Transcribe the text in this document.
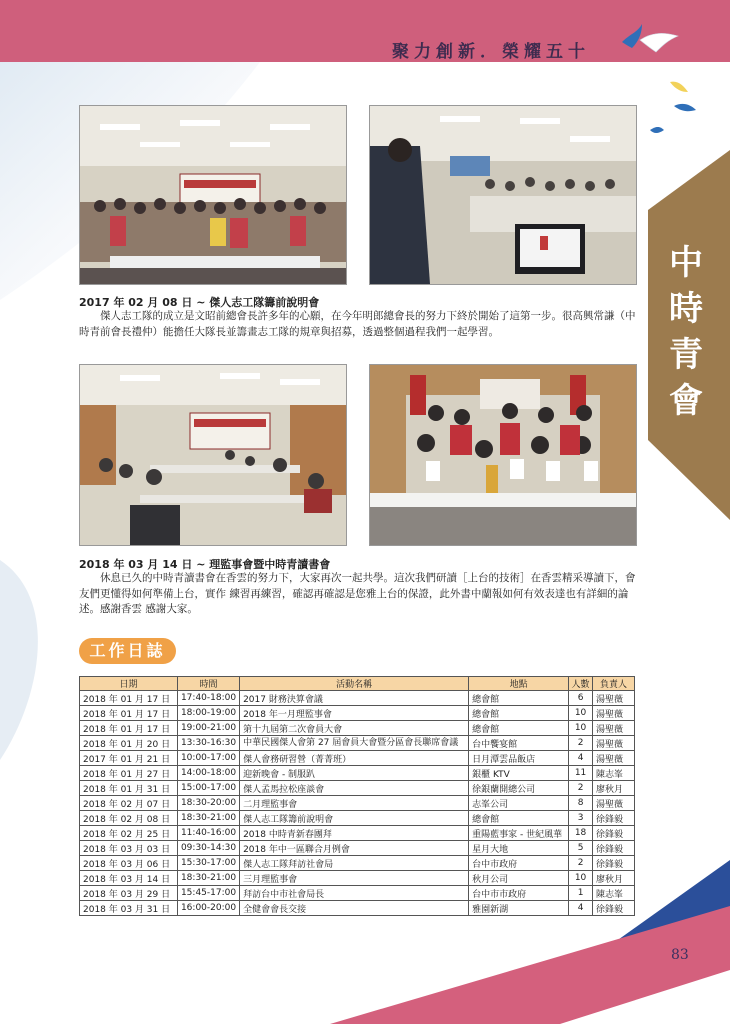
聚力創新．榮耀五十
中時青會
2017 年 02 月 08 日 ~ 傑人志工隊籌前說明會
傑人志工隊的成立是文昭前總會長許多年的心願，在今年明郎總會長的努力下終於開始了這第一步。很高興常謙（中時青前會長禮仲）能擔任大隊長並籌畫志工隊的規章與招募，透過整個過程我們一起學習。
2018 年 03 月 14 日 ~ 理監事會暨中時青讀書會
休息已久的中時青讀書會在香雲的努力下，大家再次一起共學。這次我們研讀［上台的技術］在香雲精采導讀下，會友們更懂得如何準備上台，實作 練習再練習，確認再確認是您雅上台的保證，此外書中蘭報如何有效表達也有詳細的論述。感謝香雲 感謝大家。
工作日誌
日期	時間	活動名稱	地點	人數	負責人
2018 年 01 月 17 日	17:40-18:00	2017 財務決算會議	總會館	6	湯聖薇
2018 年 01 月 17 日	18:00-19:00	2018 年一月理監事會	總會館	10	湯聖薇
2018 年 01 月 17 日	19:00-21:00	第十九屆第二次會員大會	總會館	10	湯聖薇
2018 年 01 月 20 日	13:30-16:30	中華民國傑人會第 27 屆會員大會暨分區會長聯席會議	台中饗宴館	2	湯聖薇
2017 年 01 月 21 日	10:00-17:00	傑人會務研習營（菁菁班）	日月潭雲品飯店	4	湯聖薇
2018 年 01 月 27 日	14:00-18:00	迎新晚會 - 制服趴	銀櫃 KTV	11	陳志峯
2018 年 01 月 31 日	15:00-17:00	傑人孟馬拉松座談會	徐銀蘭開總公司	2	廖秋月
2018 年 02 月 07 日	18:30-20:00	二月理監事會	志峯公司	8	湯聖薇
2018 年 02 月 08 日	18:30-21:00	傑人志工隊籌前說明會	總會館	3	徐鋒毅
2018 年 02 月 25 日	11:40-16:00	2018 中時青新春團拜	重陽藍事家 - 世紀風華	18	徐鋒毅
2018 年 03 月 03 日	09:30-14:30	2018 年中一區聯合月例會	星月大地	5	徐鋒毅
2018 年 03 月 06 日	15:30-17:00	傑人志工隊拜訪社會局	台中市政府	2	徐鋒毅
2018 年 03 月 14 日	18:30-21:00	三月理監事會	秋月公司	10	廖秋月
2018 年 03 月 29 日	15:45-17:00	拜訪台中市社會局長	台中市市政府	1	陳志峯
2018 年 03 月 31 日	16:00-20:00	全健會會長交接	雅園新湖	4	徐鋒毅
83
